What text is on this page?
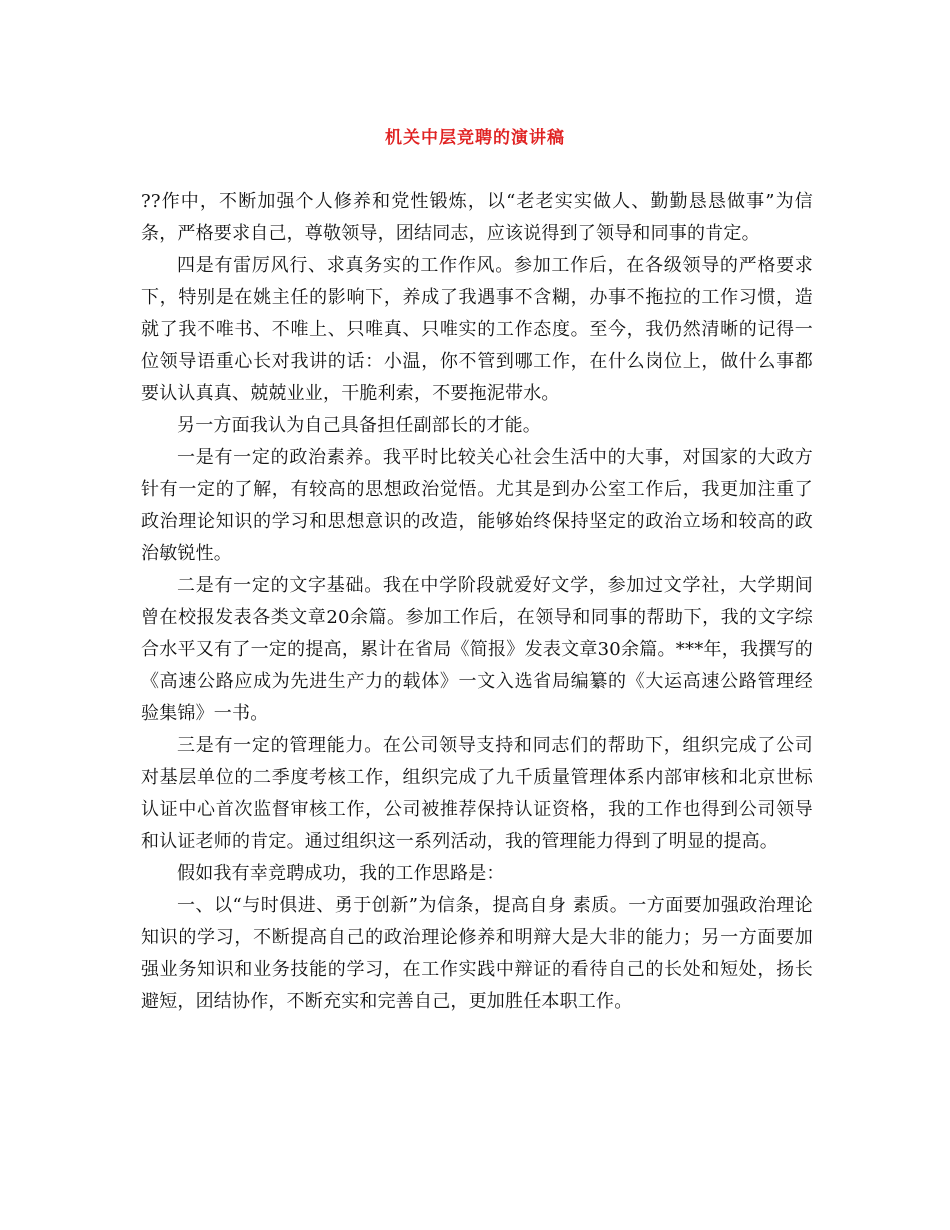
机关中层竞聘的演讲稿

??作中，不断加强个人修养和党性锻炼，以“老老实实做人、勤勤恳恳做事”为信条，严格要求自己，尊敬领导，团结同志，应该说得到了领导和同事的肯定。

四是有雷厉风行、求真务实的工作作风。参加工作后，在各级领导的严格要求下，特别是在姚主任的影响下，养成了我遇事不含糊，办事不拖拉的工作习惯，造就了我不唯书、不唯上、只唯真、只唯实的工作态度。至今，我仍然清晰的记得一位领导语重心长对我讲的话：小温，你不管到哪工作，在什么岗位上，做什么事都要认认真真、兢兢业业，干脆利索，不要拖泥带水。

另一方面我认为自己具备担任副部长的才能。

一是有一定的政治素养。我平时比较关心社会生活中的大事，对国家的大政方针有一定的了解，有较高的思想政治觉悟。尤其是到办公室工作后，我更加注重了政治理论知识的学习和思想意识的改造，能够始终保持坚定的政治立场和较高的政治敏锐性。

二是有一定的文字基础。我在中学阶段就爱好文学，参加过文学社，大学期间曾在校报发表各类文章20余篇。参加工作后，在领导和同事的帮助下，我的文字综合水平又有了一定的提高，累计在省局《简报》发表文章30余篇。***年，我撰写的《高速公路应成为先进生产力的载体》一文入选省局编纂的《大运高速公路管理经验集锦》一书。

三是有一定的管理能力。在公司领导支持和同志们的帮助下，组织完成了公司对基层单位的二季度考核工作，组织完成了九千质量管理体系内部审核和北京世标认证中心首次监督审核工作，公司被推荐保持认证资格，我的工作也得到公司领导和认证老师的肯定。通过组织这一系列活动，我的管理能力得到了明显的提高。

假如我有幸竞聘成功，我的工作思路是：

一、以“与时俱进、勇于创新”为信条，提高自身 素质。一方面要加强政治理论知识的学习，不断提高自己的政治理论修养和明辩大是大非的能力；另一方面要加强业务知识和业务技能的学习，在工作实践中辩证的看待自己的长处和短处，扬长避短，团结协作，不断充实和完善自己，更加胜任本职工作。
